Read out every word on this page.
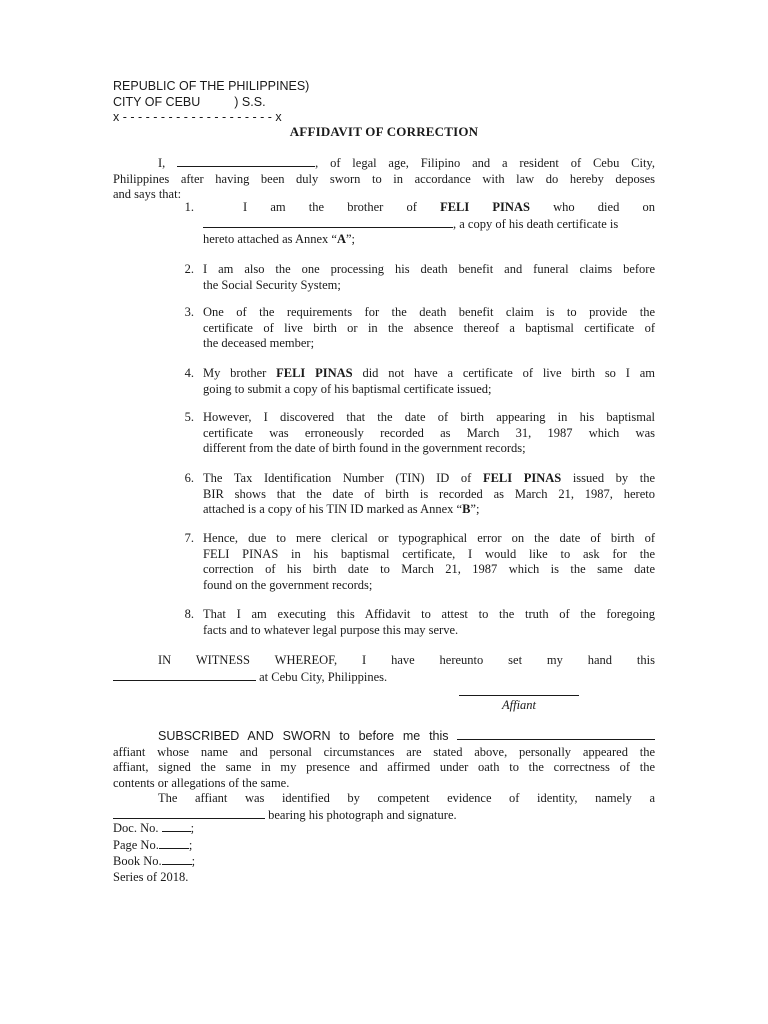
REPUBLIC OF THE PHILIPPINES)
CITY OF CEBU	) S.S.
x - - - - - - - - - - - - - - - - - - - - x
AFFIDAVIT OF CORRECTION
I,	, of legal age, Filipino and a resident of Cebu City,
Philippines after having been duly sworn to in accordance with law do hereby deposes
and says that:
1.	I am the brother of FELI PINAS who died on
, a copy of his death certificate is
hereto attached as Annex “A”;
2. I am also the one processing his death benefit and funeral claims before
the Social Security System;
3. One of the requirements for the death benefit claim is to provide the
certificate of live birth or in the absence thereof a baptismal certificate of
the deceased member;
4. My brother FELI PINAS did not have a certificate of live birth so I am
going to submit a copy of his baptismal certificate issued;
5. However, I discovered that the date of birth appearing in his baptismal
certificate was erroneously recorded as March 31, 1987 which was
different from the date of birth found in the government records;
6. The Tax Identification Number (TIN) ID of FELI PINAS issued by the
BIR shows that the date of birth is recorded as March 21, 1987, hereto
attached is a copy of his TIN ID marked as Annex “B”;
7. Hence, due to mere clerical or typographical error on the date of birth of
FELI PINAS in his baptismal certificate, I would like to ask for the
correction of his birth date to March 21, 1987 which is the same date
found on the government records;
8. That I am executing this Affidavit to attest to the truth of the foregoing
facts and to whatever legal purpose this may serve.
IN WITNESS WHEREOF, I have hereunto set my hand this
at Cebu City, Philippines.
Affiant
SUBSCRIBED AND SWORN to before me this
affiant whose name and personal circumstances are stated above, personally appeared the
affiant, signed the same in my presence and affirmed under oath to the correctness of the
contents or allegations of the same.
The affiant was identified by competent evidence of identity, namely a
bearing his photograph and signature.
Doc. No.	;
Page No. ;
Book No. ;
Series of 2018.
